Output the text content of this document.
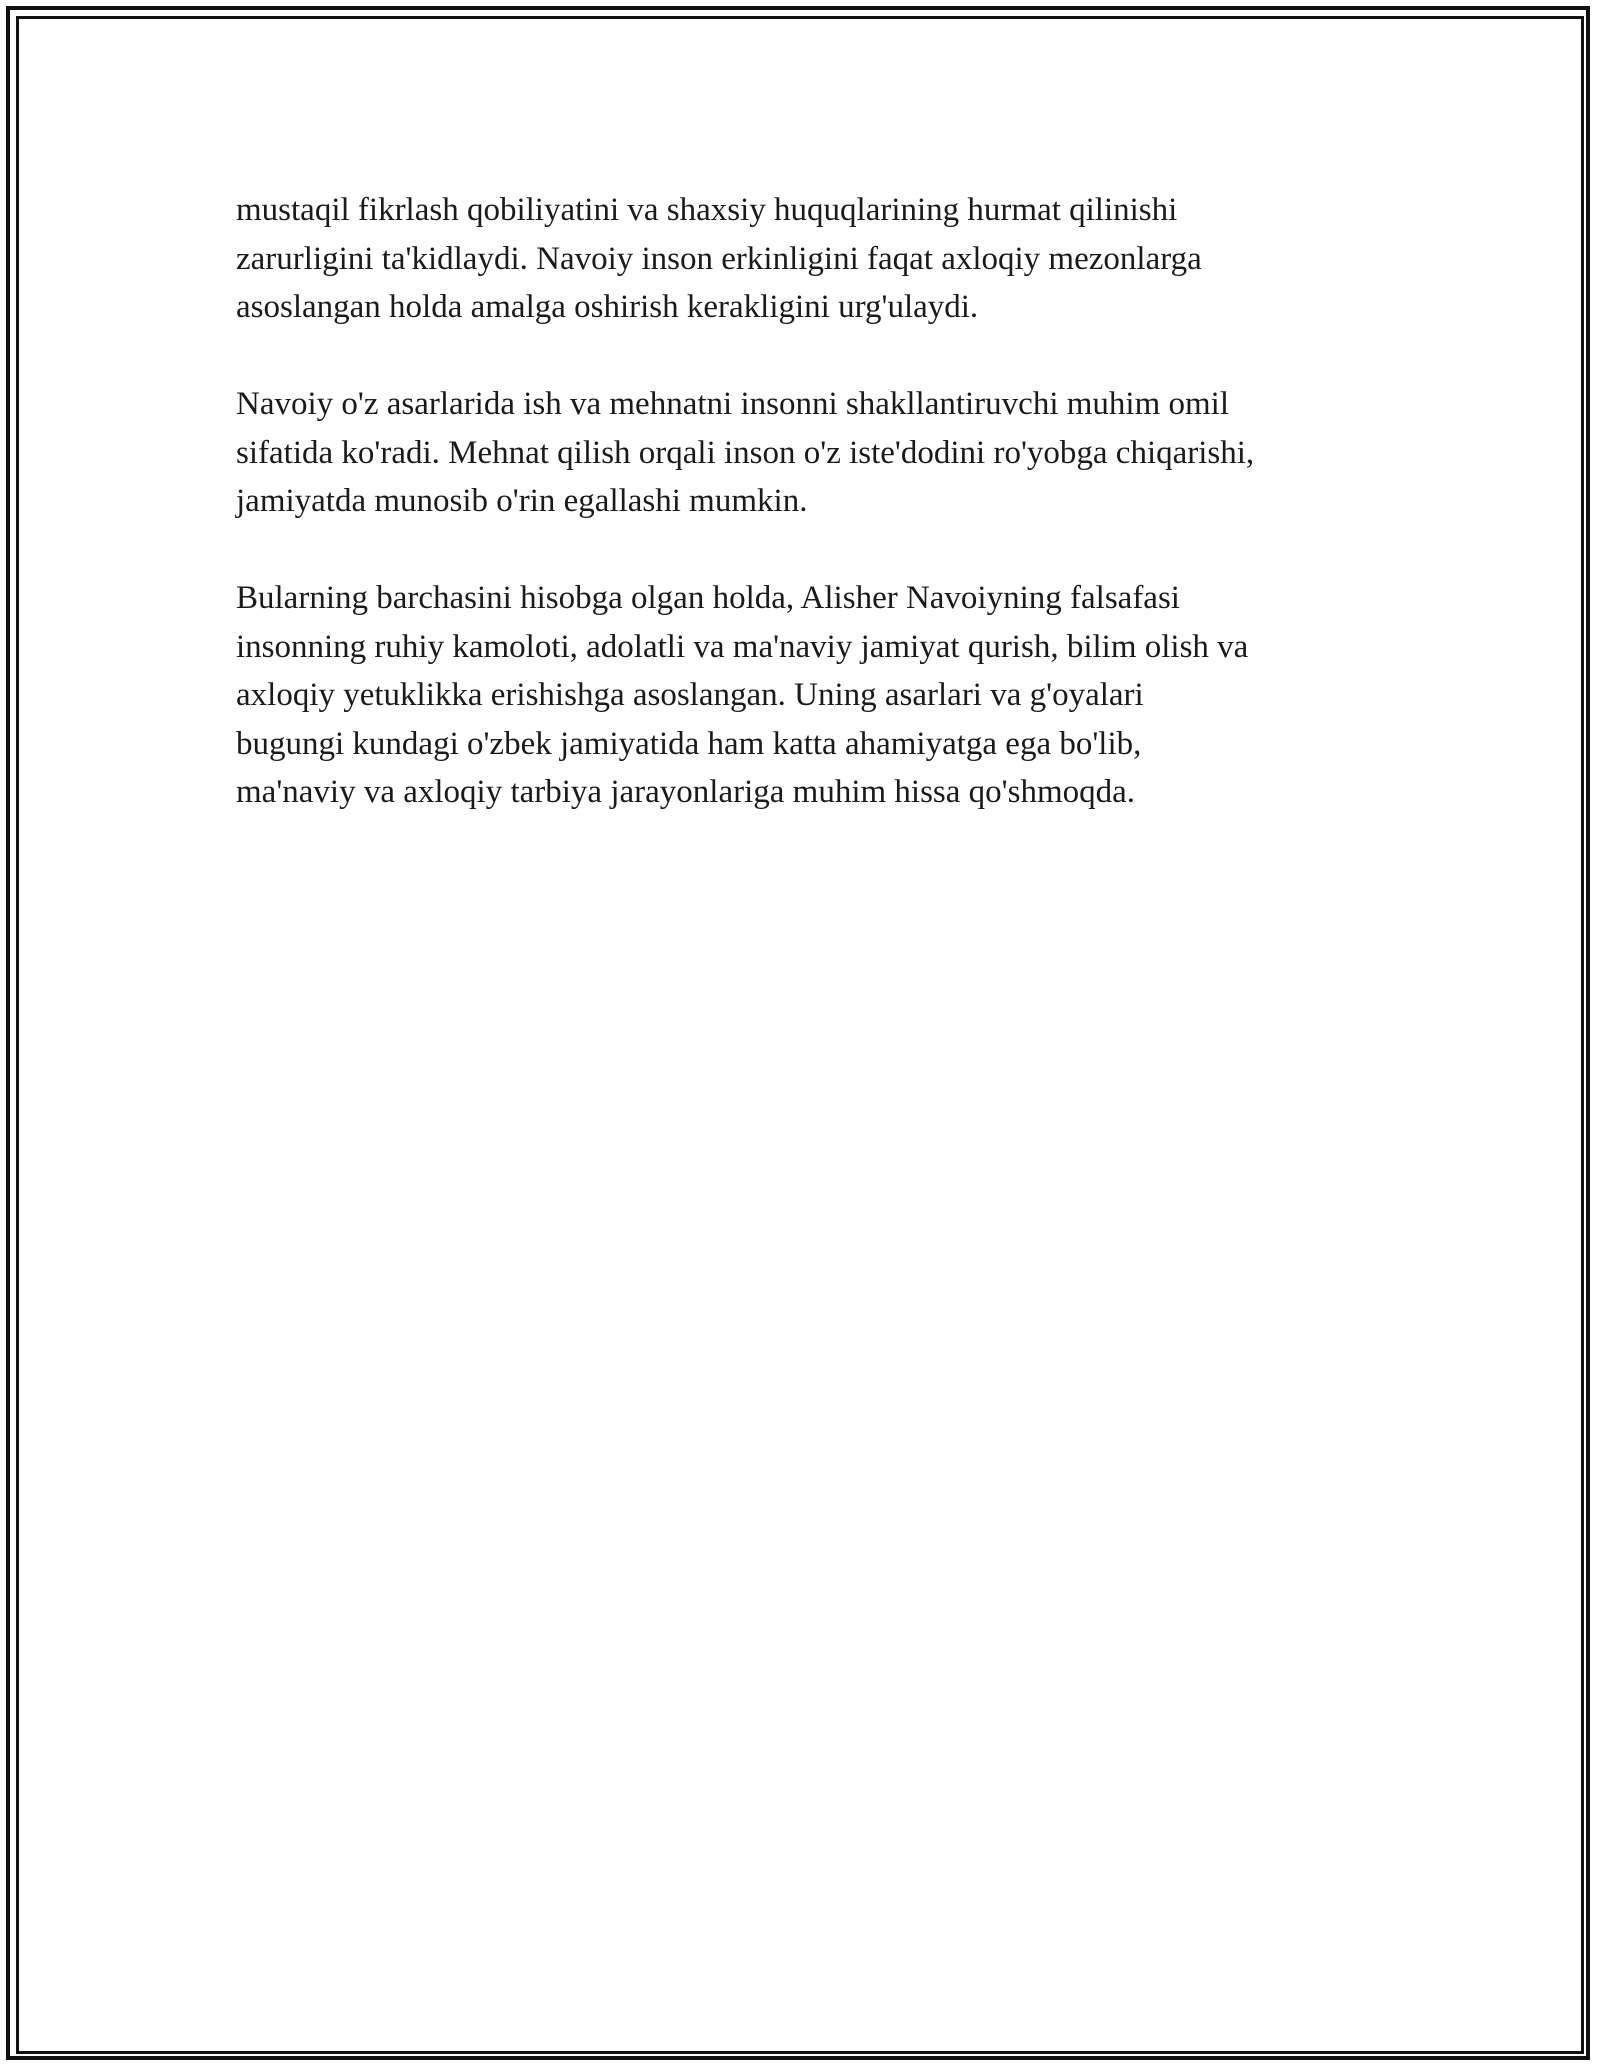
mustaqil fikrlash qobiliyatini va shaxsiy huquqlarining hurmat qilinishi
zarurligini ta'kidlaydi. Navoiy inson erkinligini faqat axloqiy mezonlarga
asoslangan holda amalga oshirish kerakligini urg'ulaydi.

Navoiy o'z asarlarida ish va mehnatni insonni shakllantiruvchi muhim omil
sifatida ko'radi. Mehnat qilish orqali inson o'z iste'dodini ro'yobga chiqarishi,
jamiyatda munosib o'rin egallashi mumkin.

Bularning barchasini hisobga olgan holda, Alisher Navoiyning falsafasi
insonning ruhiy kamoloti, adolatli va ma'naviy jamiyat qurish, bilim olish va
axloqiy yetuklikka erishishga asoslangan. Uning asarlari va g'oyalari
bugungi kundagi o'zbek jamiyatida ham katta ahamiyatga ega bo'lib,
ma'naviy va axloqiy tarbiya jarayonlariga muhim hissa qo'shmoqda.
